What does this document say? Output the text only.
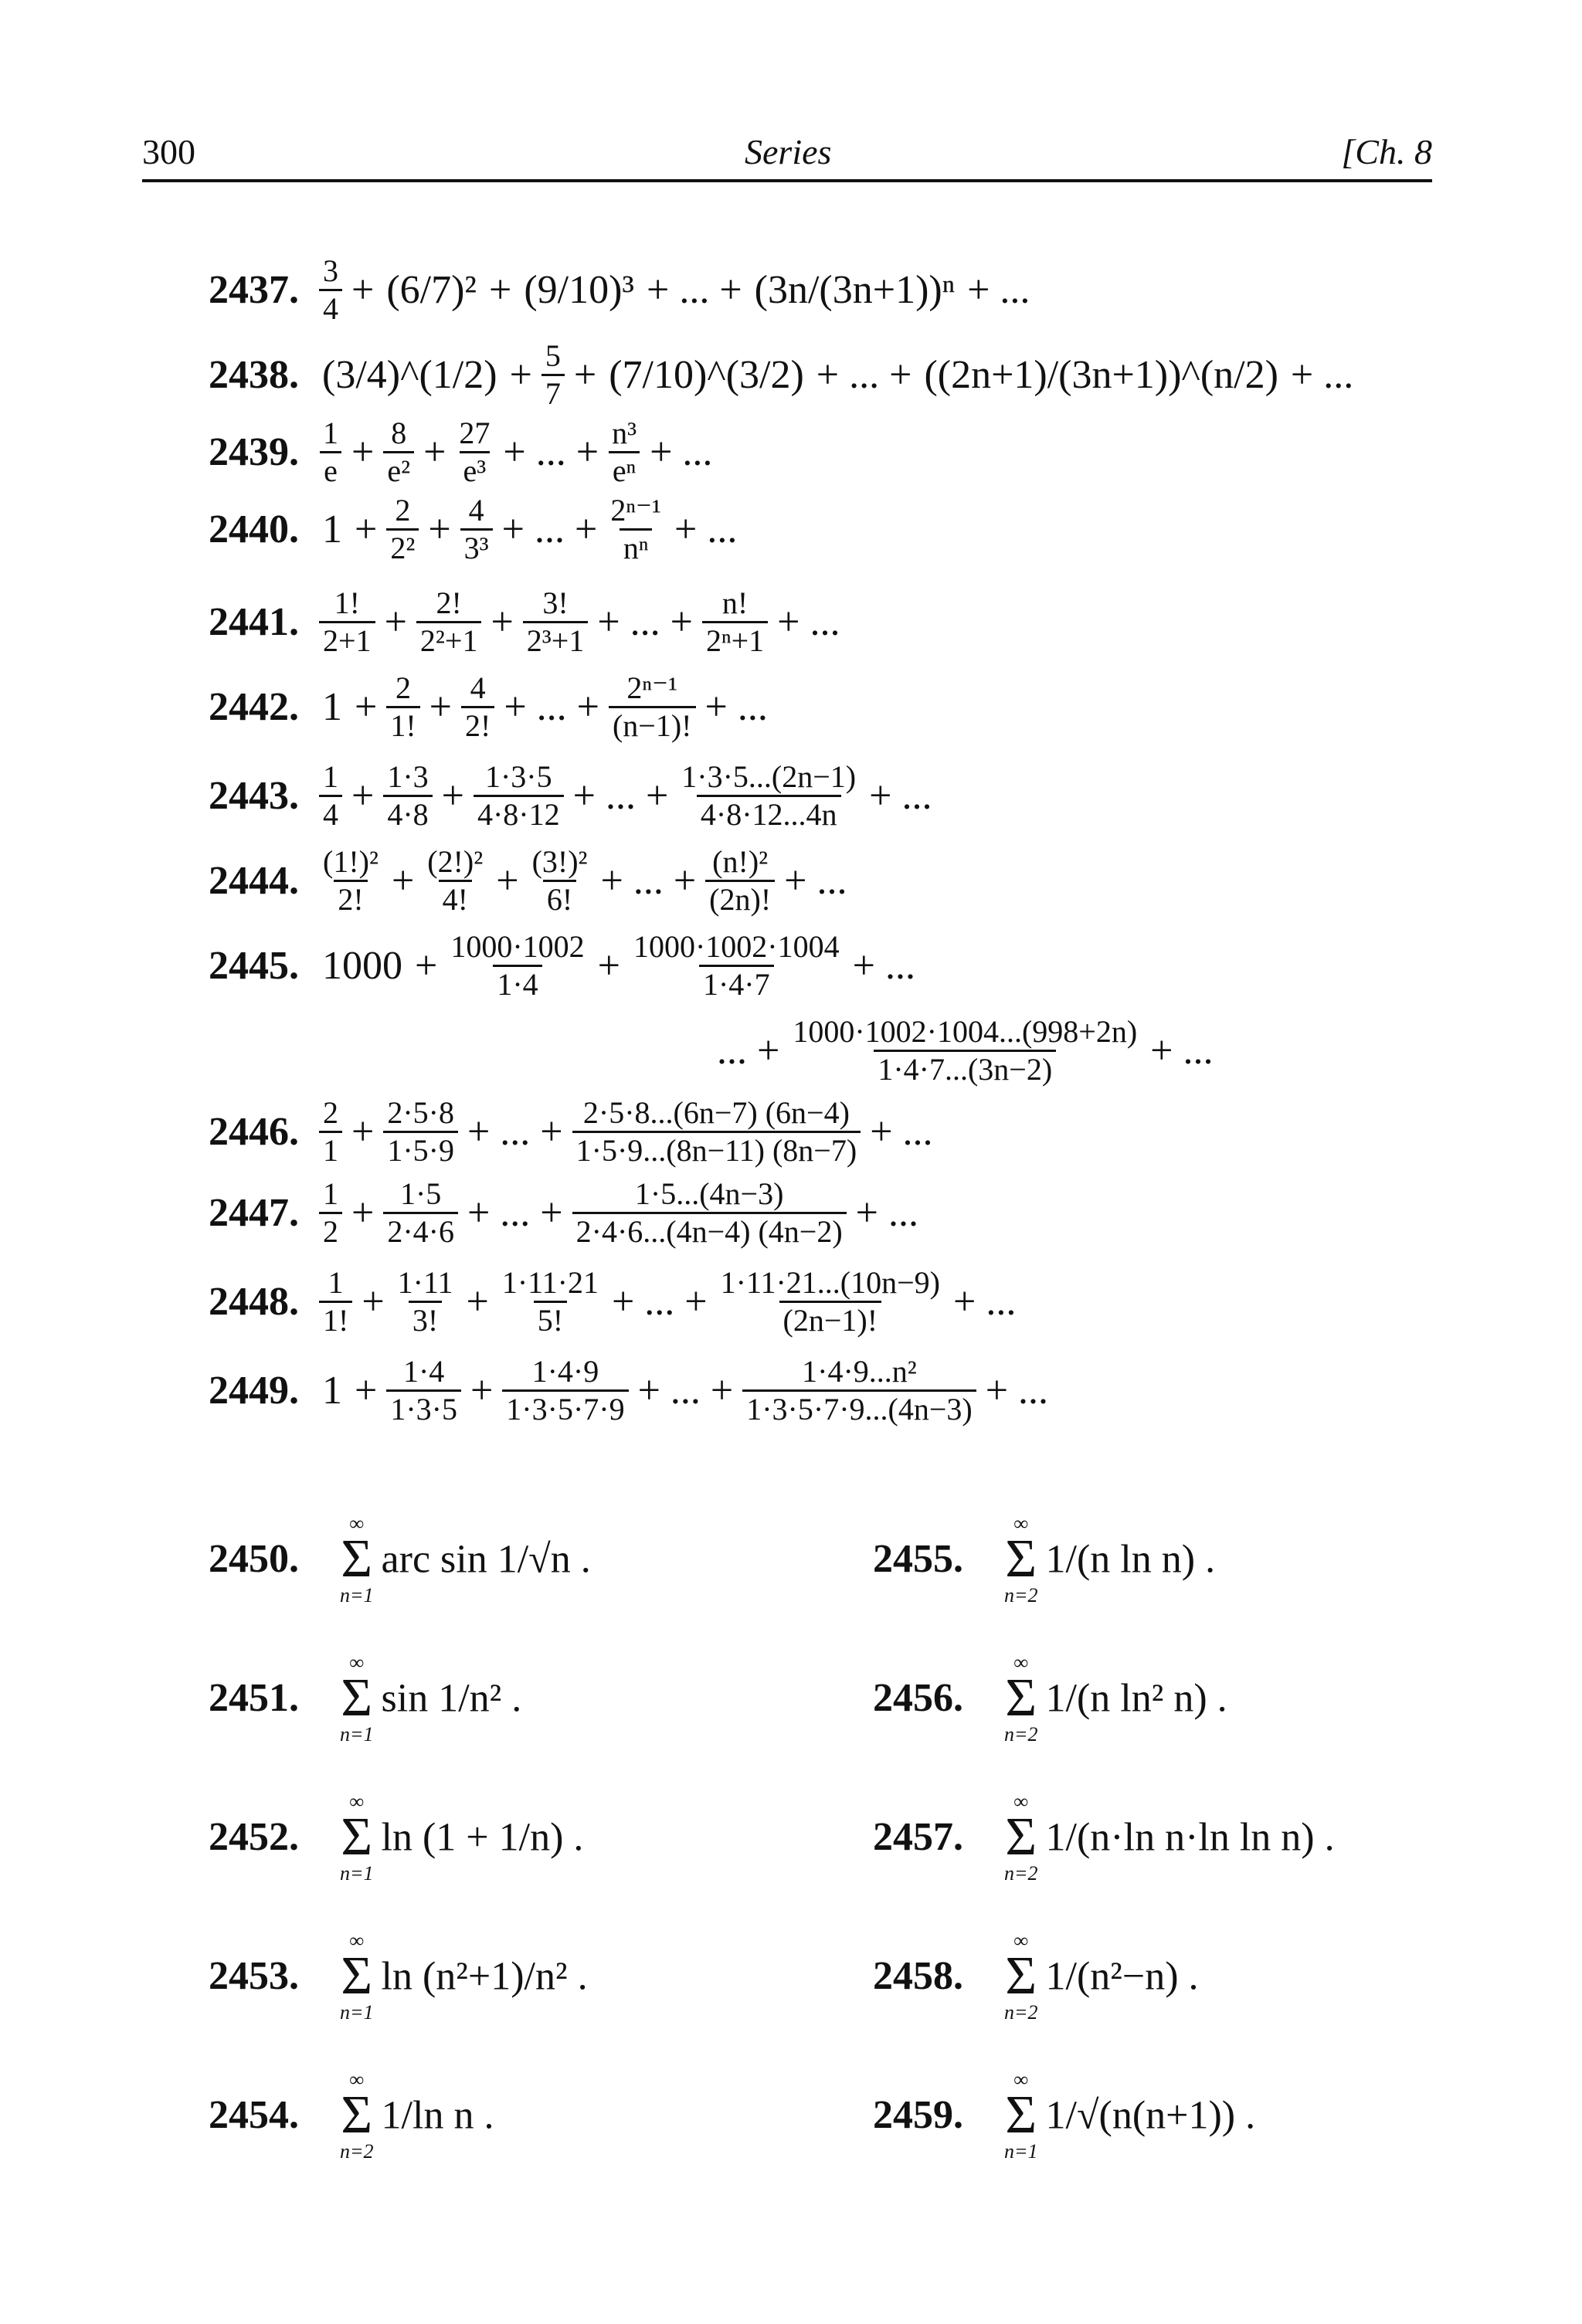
300	Series	[Ch. 8
2437. $\frac{3}{4} + (6/7)^2 + (9/10)^3$ + ... + (3n/(3n+1))ⁿ + ...
2438. (3/4)^(1/2) + $\frac{5}{7}$ + (7/10)^(3/2) + ... + ((2n+1)/(3n+1))^(n/2) + ...
2439. $\frac{1}{e} + \frac{8}{\text{e²}} + \frac{27}{\text{e³}}$ + ... + $\frac{\text{n³}}{\text{eⁿ}}$ + ...
2440. $1 + \frac{2}{\text{2²}} + \frac{4}{\text{3³}}$ + ... + $\frac{\text{2ⁿ⁻¹}}{\text{nⁿ}}$ + ...
2441. $\frac{1!}{2+1} + \frac{2!}{\text{2²+1}} + \frac{3!}{\text{2³+1}}$ + ... + $\frac{n!}{\text{2ⁿ+1}}$ + ...
2442. $1 + \frac{2}{1!} + \frac{4}{2!}$ + ... + $\frac{\text{2ⁿ⁻¹}}{(n-1)!}$ + ...
2443. $\frac{1}{4} + \frac{1\cdot 3}{4\cdot 8} + \frac{1\cdot 3\cdot 5}{4\cdot 8\cdot 12}$ + ... + $\frac{1\cdot 3\cdot 5...(2n-1)}{4\cdot 8\cdot 12...4n}$ + ...
2444. $\frac{\text{(1!)²}}{2!} + \frac{\text{(2!)²}}{4!} + \frac{\text{(3!)²}}{6!}$ + ... + $\frac{\text{(n!)²}}{(2n)!}$ + ...
2445. $1000 + \frac{1000\cdot 1002}{1\cdot 4} + \frac{1000\cdot 1002\cdot 1004}{1\cdot 4\cdot 7}$ + ...
... + $\frac{1000\cdot 1002\cdot 1004...(998+2n)}{1\cdot 4\cdot 7...(3n-2)}$ + ...
2446. $\frac{2}{1} + \frac{2\cdot 5\cdot 8}{1\cdot 5\cdot 9}$ + ... + $\frac{2\cdot 5\cdot 8...(6n-7) (6n-4)}{1\cdot 5\cdot 9...(8n-11) (8n-7)}$ + ...
2447. $\frac{1}{2} + \frac{1\cdot 5}{2\cdot 4\cdot 6}$ + ... + $\frac{1\cdot 5...(4n-3)}{2\cdot 4\cdot 6...(4n-4) (4n-2)}$ + ...
2448. $\frac{1}{1!} + \frac{1\cdot 11}{3!} + \frac{1\cdot 11\cdot 21}{5!}$ + ... + $\frac{1\cdot 11\cdot 21...(10n-9)}{(2n-1)!}$ + ...
2449. $1 + \frac{1\cdot 4}{1\cdot 3\cdot 5} + \frac{1\cdot 4\cdot 9}{1\cdot 3\cdot 5\cdot 7\cdot 9}$ + ... + $\frac{\text{1·4·9...n²}}{1\cdot 3\cdot 5\cdot 7\cdot 9...(4n-3)}$ + ...
2450.
∞
Σ
n=1
arc sin 1/√n .
2451.
∞
Σ
n=1
sin 1/n² .
2452.
∞
Σ
n=1
ln (1 + 1/n) .
2453.
∞
Σ
n=1
ln (n²+1)/n² .
2454.
∞
Σ
n=2
1/ln n .
2455.
∞
Σ
n=2
1/(n ln n) .
2456.
∞
Σ
n=2
1/(n ln² n) .
2457.
∞
Σ
n=2
1/(n·ln n·ln ln n) .
2458.
∞
Σ
n=2
1/(n²−n) .
2459.
∞
Σ
n=1
1/√(n(n+1)) .
